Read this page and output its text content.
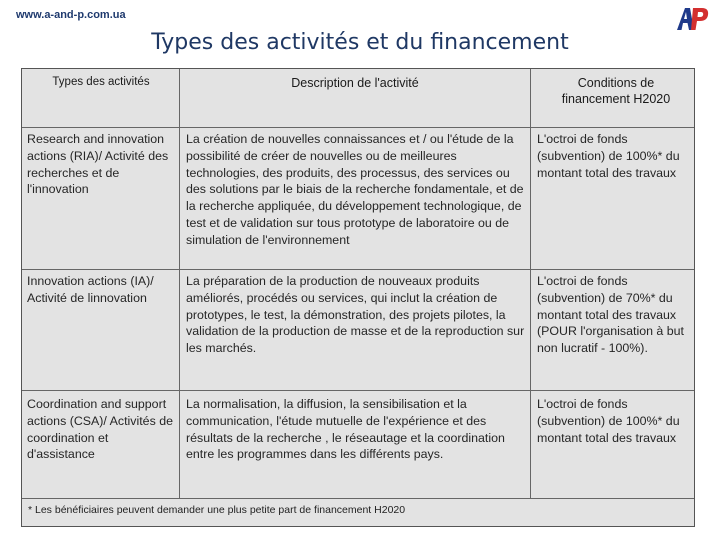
www.a-and-p.com.ua
Types des activités et du financement
Types des activités	Description de l'activité	Conditions de financement H2020
Research and innovation actions (RIA)/ Activité des recherches et de l'innovation
La création de nouvelles connaissances et / ou l'étude de la possibilité de créer de nouvelles ou de meilleures technologies, des produits, des processus, des services ou des solutions par le biais de la recherche fondamentale, et de la recherche appliquée, du développement technologique, de test et de validation sur tous prototype de laboratoire ou de simulation de l'environnement
L'octroi de fonds (subvention) de 100%* du montant total des travaux
Innovation actions (IA)/ Activité de linnovation
La préparation de la production de nouveaux produits améliorés, procédés ou services, qui inclut la création de prototypes, le test, la démonstration, des projets pilotes, la validation de la production de masse et de la reproduction sur les marchés.
L'octroi de fonds (subvention) de 70%* du montant total des travaux (POUR l'organisation à but non lucratif - 100%).
Coordination and support actions (CSA)/ Activités de coordination et d'assistance
La normalisation, la diffusion, la sensibilisation et la communication, l'étude mutuelle de l'expérience et des résultats de la recherche , le réseautage et la coordination entre les programmes dans les différents pays.
L'octroi de fonds (subvention) de 100%* du montant total des travaux
* Les bénéficiaires peuvent demander une plus petite part de financement H2020
